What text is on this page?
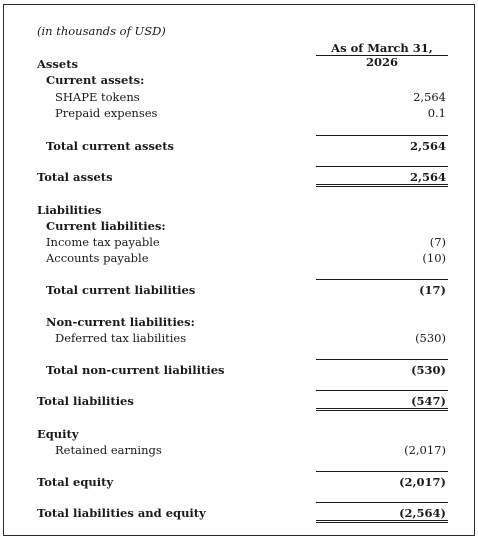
(in thousands of USD)
As of March 31, 2026
Assets
Current assets:
SHAPE tokens	2,564
Prepaid expenses	0.1
Total current assets	2,564
Total assets	2,564
Liabilities
Current liabilities:
Income tax payable	(7)
Accounts payable	(10)
Total current liabilities	(17)
Non-current liabilities:
Deferred tax liabilities	(530)
Total non-current liabilities	(530)
Total liabilities	(547)
Equity
Retained earnings	(2,017)
Total equity	(2,017)
Total liabilities and equity	(2,564)
